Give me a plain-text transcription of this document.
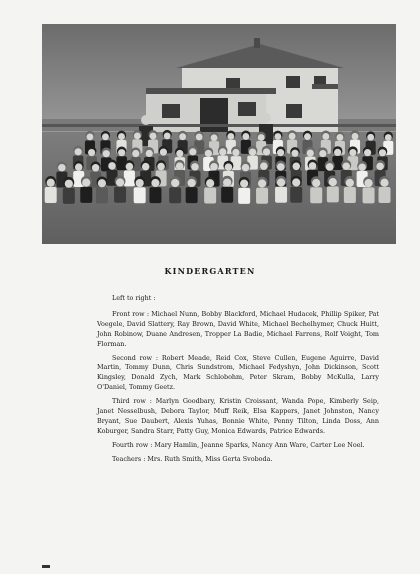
KINDERGARTEN

Left to right :

Front row : Michael Nunn, Bobby Blackford, Michael Hudacek, Phillip Spiker, Pat Voegele, David Slattery, Ray Brown, David White, Michael Bechelhymer, Chuck Huitt, John Robinow, Duane Andresen, Tropper La Badie, Michael Farrens, Rolf Voight, Tom Florman.

Second row : Robert Meade, Reid Cox, Steve Cullen, Eugene Aguirre, David Martin, Tommy Dunn, Chris Sundstrom, Michael Fedyshyn, John Dickinson, Scott Kingsley, Donald Zych, Mark Schlobohm, Peter Skram, Bobby McKulla, Larry O'Daniel, Tommy Geetz.

Third row : Marlyn Goodbary, Kristin Croissant, Wanda Pope, Kimberly Seip, Janet Nesselbush, Debora Taylor, Muff Reik, Elsa Kappers, Janet Johnston, Nancy Bryant, Sue Daubert, Alexis Yuhas, Bonnie White, Penny Tilton, Linda Doss, Ann Koburger, Sandra Starr, Patty Guy, Monica Edwards, Patrice Edwards.

Fourth row : Mary Hamlin, Jeanne Sparks, Nancy Ann Ware, Carter Lee Noel.

Teachers : Mrs. Ruth Smith, Miss Gerta Svoboda.
